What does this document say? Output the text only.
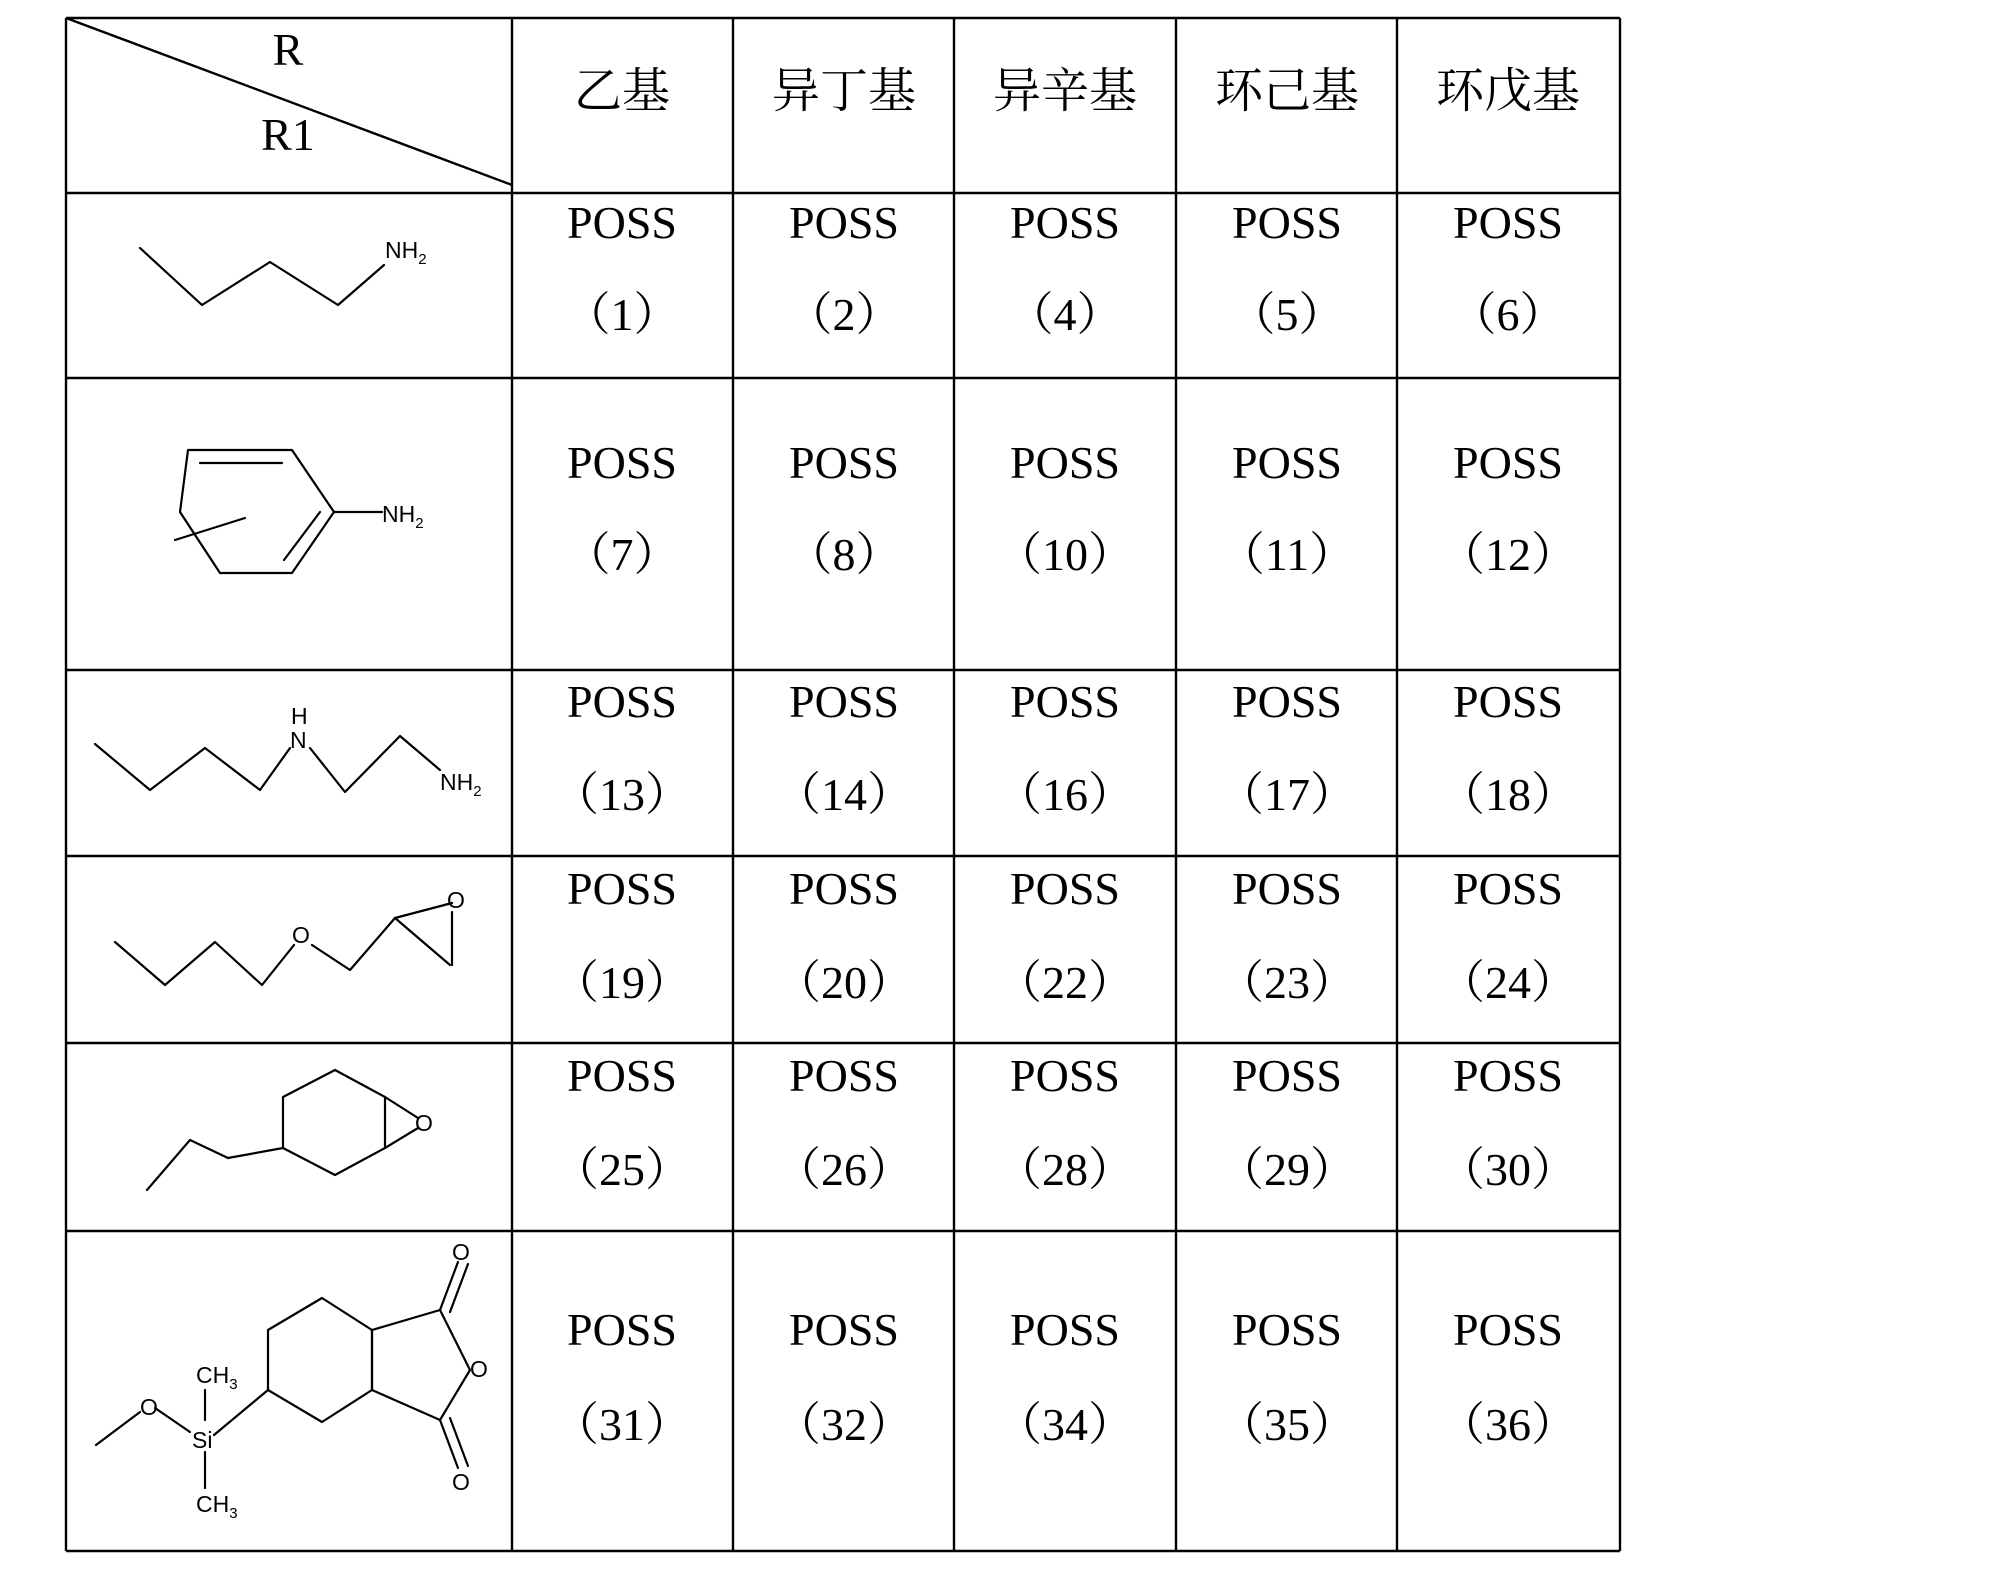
R
R1
乙基 异丁基 异辛基 环己基 环戊基
$NH_2$
$NH_2$
H
N
$NH_2$
O
O
O
O
Si
$CH_3$
$CH_3$
O
O
O
POSS
（1）
POSS
（2）
POSS
（4）
POSS
（5）
POSS
（6）
POSS
（7）
POSS
（8）
POSS
（10）
POSS
（11）
POSS
（12）
POSS
（13）
POSS
（14）
POSS
（16）
POSS
（17）
POSS
（18）
POSS
（19）
POSS
（20）
POSS
（22）
POSS
（23）
POSS
（24）
POSS
（25）
POSS
（26）
POSS
（28）
POSS
（29）
POSS
（30）
POSS
（31）
POSS
（32）
POSS
（34）
POSS
（35）
POSS
（36）
